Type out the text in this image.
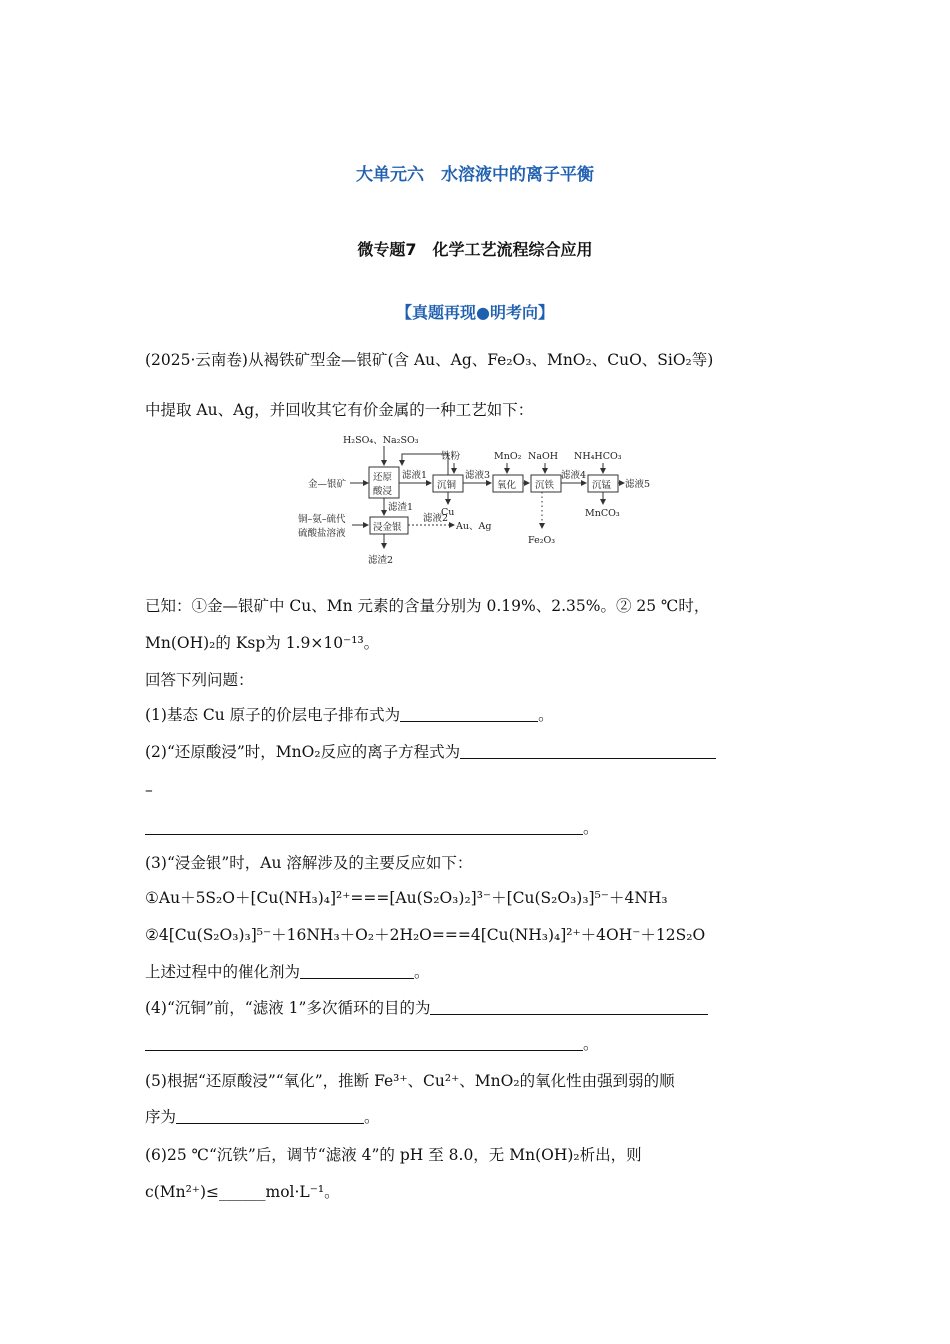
大单元六　水溶液中的离子平衡
微专题7　化学工艺流程综合应用
【真题再现●明考向】
(2025·云南卷)从褐铁矿型金—银矿(含 Au、Ag、Fe₂O₃、MnO₂、CuO、SiO₂等)
中提取 Au、Ag，并回收其它有价金属的一种工艺如下：
金—银矿
H₂SO₄、Na₂SO₃
还原
酸浸
滤液1
铁粉
沉铜
Cu
滤液3
MnO₂
氧化
NaOH
沉铁
Fe₂O₃
滤液4
NH₄HCO₃
沉锰 滤液5
MnCO₃
滤渣1
铜–氨–硫代
硫酸盐溶液
浸金银
滤液2
Au、Ag
滤渣2
已知：①金—银矿中 Cu、Mn 元素的含量分别为 0.19%、2.35%。② 25 ℃时，
Mn(OH)₂的 Ksp为 1.9×10⁻¹³。
回答下列问题：
(1)基态 Cu 原子的价层电子排布式为	。
(2)“还原酸浸”时，MnO₂反应的离子方程式为
–
。
(3)“浸金银”时，Au 溶解涉及的主要反应如下：
①Au＋5S₂O＋[Cu(NH₃)₄]²⁺===[Au(S₂O₃)₂]³⁻＋[Cu(S₂O₃)₃]⁵⁻＋4NH₃
②4[Cu(S₂O₃)₃]⁵⁻＋16NH₃＋O₂＋2H₂O===4[Cu(NH₃)₄]²⁺＋4OH⁻＋12S₂O
上述过程中的催化剂为	。
(4)“沉铜”前，“滤液 1”多次循环的目的为
。
(5)根据“还原酸浸”“氧化”，推断 Fe³⁺、Cu²⁺、MnO₂的氧化性由强到弱的顺
序为	。
(6)25 ℃“沉铁”后，调节“滤液 4”的 pH 至 8.0，无 Mn(OH)₂析出，则
c(Mn²⁺)≤______mol·L⁻¹。
